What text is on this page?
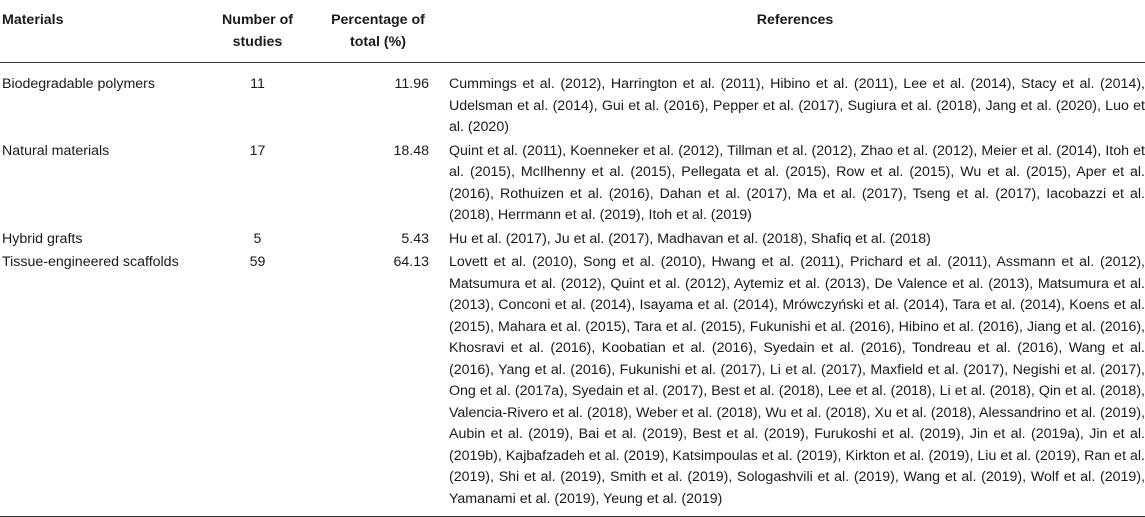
Materials	Number of studies	Percentage of total (%)	References
Biodegradable polymers	11	11.96	Cummings et al. (2012), Harrington et al. (2011), Hibino et al. (2011), Lee et al. (2014), Stacy et al. (2014), Udelsman et al. (2014), Gui et al. (2016), Pepper et al. (2017), Sugiura et al. (2018), Jang et al. (2020), Luo et al. (2020)
Natural materials	17	18.48	Quint et al. (2011), Koenneker et al. (2012), Tillman et al. (2012), Zhao et al. (2012), Meier et al. (2014), Itoh et al. (2015), McIlhenny et al. (2015), Pellegata et al. (2015), Row et al. (2015), Wu et al. (2015), Aper et al. (2016), Rothuizen et al. (2016), Dahan et al. (2017), Ma et al. (2017), Tseng et al. (2017), Iacobazzi et al. (2018), Herrmann et al. (2019), Itoh et al. (2019)
Hybrid grafts	5	5.43	Hu et al. (2017), Ju et al. (2017), Madhavan et al. (2018), Shafiq et al. (2018)
Tissue-engineered scaffolds	59	64.13	Lovett et al. (2010), Song et al. (2010), Hwang et al. (2011), Prichard et al. (2011), Assmann et al. (2012), Matsumura et al. (2012), Quint et al. (2012), Aytemiz et al. (2013), De Valence et al. (2013), Matsumura et al. (2013), Conconi et al. (2014), Isayama et al. (2014), Mrówczyński et al. (2014), Tara et al. (2014), Koens et al. (2015), Mahara et al. (2015), Tara et al. (2015), Fukunishi et al. (2016), Hibino et al. (2016), Jiang et al. (2016), Khosravi et al. (2016), Koobatian et al. (2016), Syedain et al. (2016), Tondreau et al. (2016), Wang et al. (2016), Yang et al. (2016), Fukunishi et al. (2017), Li et al. (2017), Maxfield et al. (2017), Negishi et al. (2017), Ong et al. (2017a), Syedain et al. (2017), Best et al. (2018), Lee et al. (2018), Li et al. (2018), Qin et al. (2018), Valencia-Rivero et al. (2018), Weber et al. (2018), Wu et al. (2018), Xu et al. (2018), Alessandrino et al. (2019), Aubin et al. (2019), Bai et al. (2019), Best et al. (2019), Furukoshi et al. (2019), Jin et al. (2019a), Jin et al. (2019b), Kajbafzadeh et al. (2019), Katsimpoulas et al. (2019), Kirkton et al. (2019), Liu et al. (2019), Ran et al. (2019), Shi et al. (2019), Smith et al. (2019), Sologashvili et al. (2019), Wang et al. (2019), Wolf et al. (2019), Yamanami et al. (2019), Yeung et al. (2019)
